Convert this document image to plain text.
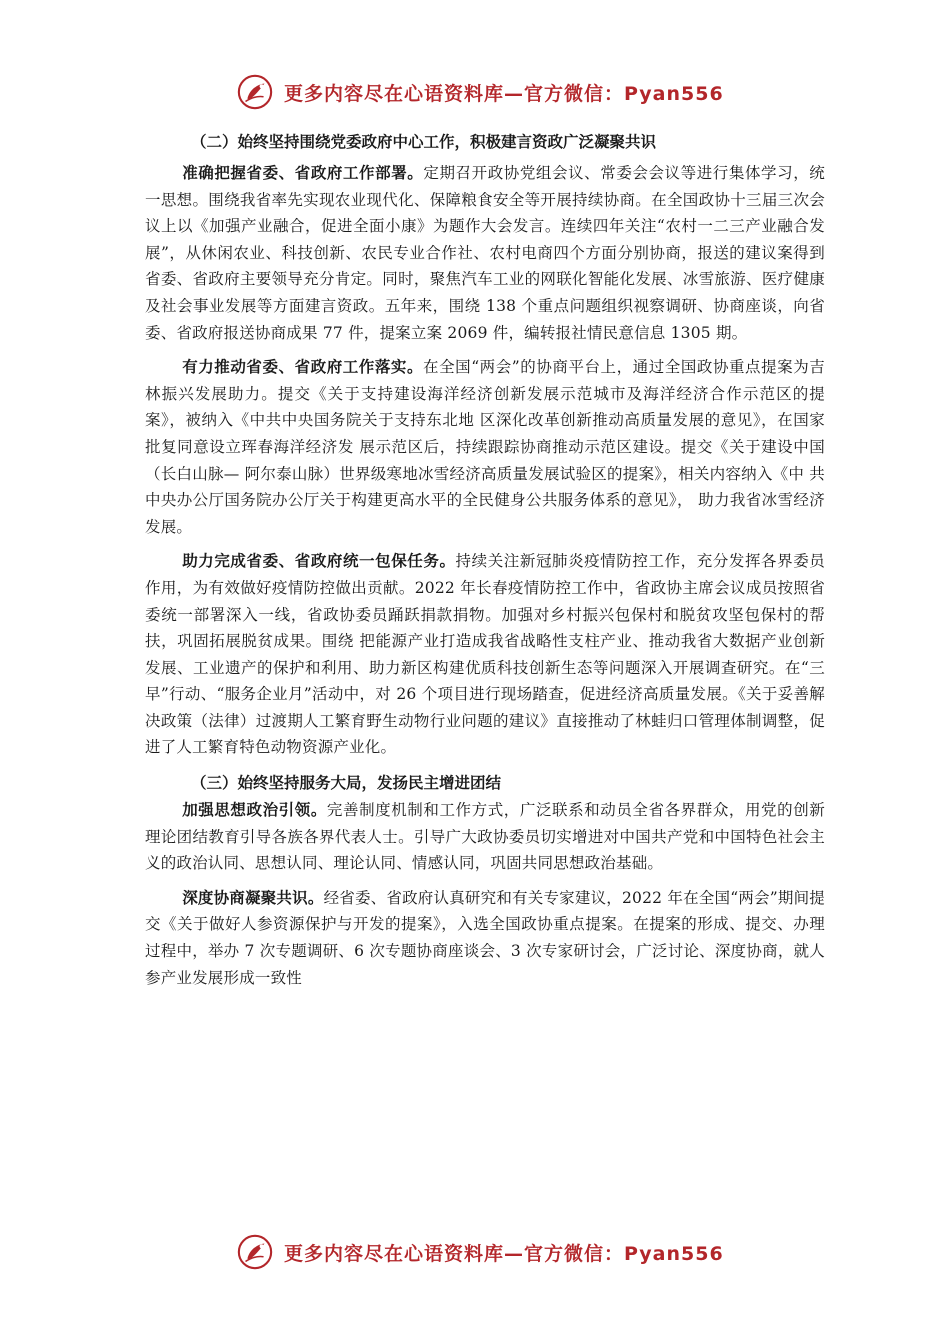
更多内容尽在心语资料库—官方微信：Pyan556

（二）始终坚持围绕党委政府中心工作，积极建言资政广泛凝聚共识

准确把握省委、省政府工作部署。定期召开政协党组会议、常委会会议等进行集体学习，统一思想。围绕我省率先实现农业现代化、保障粮食安全等开展持续协商。在全国政协十三届三次会议上以《加强产业融合，促进全面小康》为题作大会发言。连续四年关注“农村一二三产业融合发展”，从休闲农业、科技创新、农民专业合作社、农村电商四个方面分别协商，报送的建议案得到省委、省政府主要领导充分肯定。同时，聚焦汽车工业的网联化智能化发展、冰雪旅游、医疗健康及社会事业发展等方面建言资政。五年来，围绕 138 个重点问题组织视察调研、协商座谈，向省委、省政府报送协商成果 77 件，提案立案 2069 件，编转报社情民意信息 1305 期。

有力推动省委、省政府工作落实。在全国“两会”的协商平台上，通过全国政协重点提案为吉林振兴发展助力。提交《关于支持建设海洋经济创新发展示范城市及海洋经济合作示范区的提案》，被纳入《中共中央国务院关于支持东北地 区深化改革创新推动高质量发展的意见》，在国家批复同意设立珲春海洋经济发 展示范区后，持续跟踪协商推动示范区建设。提交《关于建设中国（长白山脉— 阿尔泰山脉）世界级寒地冰雪经济高质量发展试验区的提案》，相关内容纳入《中 共中央办公厅国务院办公厅关于构建更高水平的全民健身公共服务体系的意见》， 助力我省冰雪经济发展。

助力完成省委、省政府统一包保任务。持续关注新冠肺炎疫情防控工作，充分发挥各界委员作用，为有效做好疫情防控做出贡献。2022 年长春疫情防控工作中，省政协主席会议成员按照省委统一部署深入一线，省政协委员踊跃捐款捐物。加强对乡村振兴包保村和脱贫攻坚包保村的帮扶，巩固拓展脱贫成果。围绕 把能源产业打造成我省战略性支柱产业、推动我省大数据产业创新发展、工业遗产的保护和利用、助力新区构建优质科技创新生态等问题深入开展调查研究。在“三早”行动、“服务企业月”活动中，对 26 个项目进行现场踏查，促进经济高质量发展。《关于妥善解决政策（法律）过渡期人工繁育野生动物行业问题的建议》直接推动了林蛙归口管理体制调整，促进了人工繁育特色动物资源产业化。

（三）始终坚持服务大局，发扬民主增进团结

加强思想政治引领。完善制度机制和工作方式，广泛联系和动员全省各界群众，用党的创新理论团结教育引导各族各界代表人士。引导广大政协委员切实增进对中国共产党和中国特色社会主义的政治认同、思想认同、理论认同、情感认同，巩固共同思想政治基础。

深度协商凝聚共识。经省委、省政府认真研究和有关专家建议，2022 年在全国“两会”期间提交《关于做好人参资源保护与开发的提案》，入选全国政协重点提案。在提案的形成、提交、办理过程中，举办 7 次专题调研、6 次专题协商座谈会、3 次专家研讨会，广泛讨论、深度协商，就人参产业发展形成一致性

更多内容尽在心语资料库—官方微信：Pyan556
